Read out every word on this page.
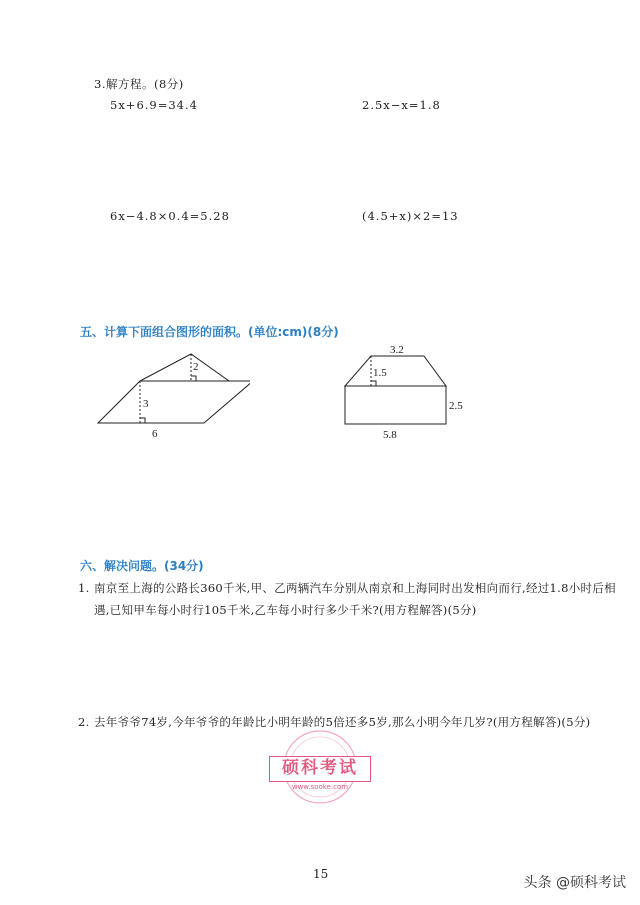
3.解方程。(8分)
5x+6.9=34.4	2.5x−x=1.8
6x−4.8×0.4=5.28	(4.5+x)×2=13
五、计算下面组合图形的面积。(单位:cm)(8分)
2
3
6
3.2
1.5
2.5
5.8
六、解决问题。(34分)
1. 南京至上海的公路长360千米,甲、乙两辆汽车分别从南京和上海同时出发相向而行,经过1.8小时后相遇,已知甲车每小时行105千米,乙车每小时行多少千米?(用方程解答)(5分)
2. 去年爷爷74岁,今年爷爷的年龄比小明年龄的5倍还多5岁,那么小明今年几岁?(用方程解答)(5分)
硕科考试
www.sooke.com
15
头条 @硕科考试
